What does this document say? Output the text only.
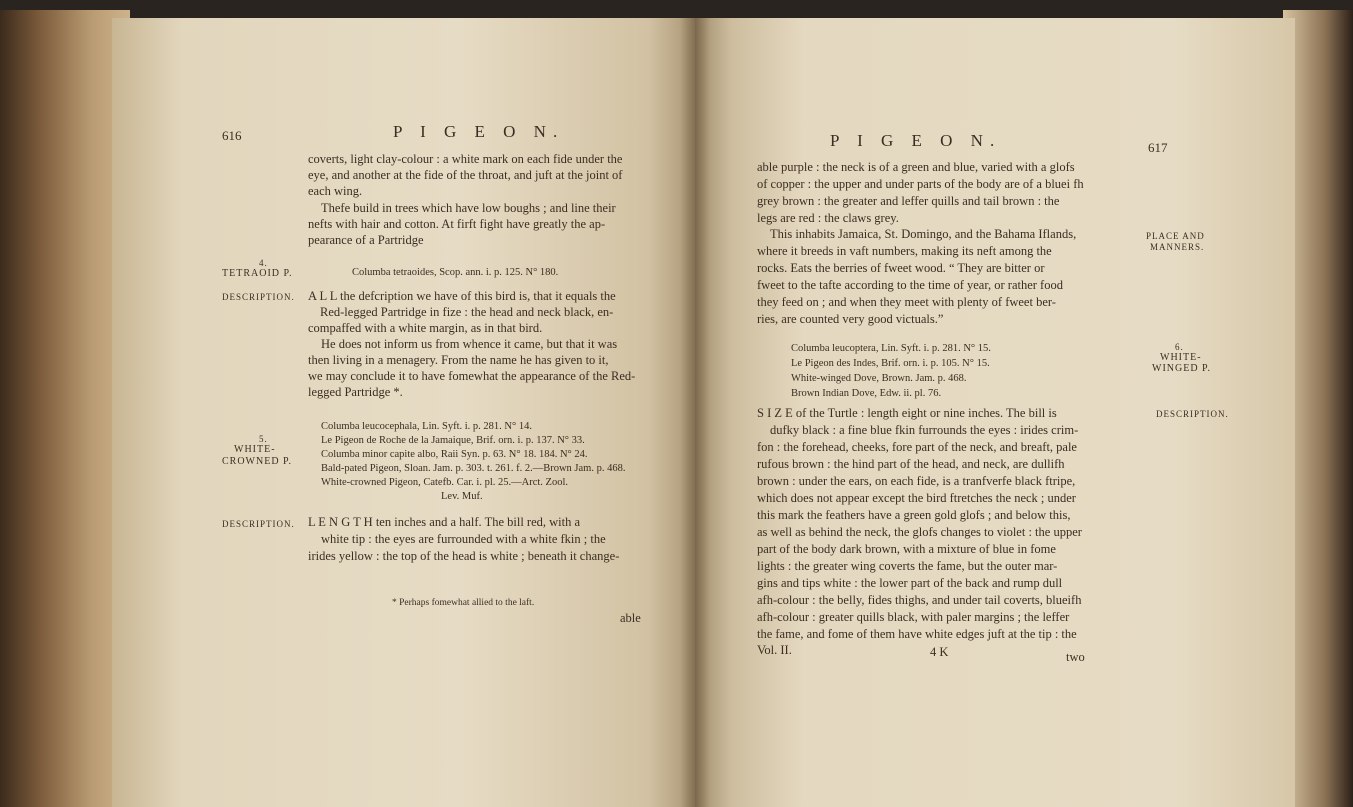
616	P I G E O N.
coverts, light clay-colour : a white mark on each fide under the
eye, and another at the fide of the throat, and juft at the joint of
each wing.
Thefe build in trees which have low boughs ; and line their
nefts with hair and cotton. At firft fight have greatly the ap-
pearance of a Partridge
4.
TETRAOID P.	Columba tetraoides, Scop. ann. i. p. 125. N° 180.
DESCRIPTION. A L L the defcription we have of this bird is, that it equals the
Red-legged Partridge in fize : the head and neck black, en-
compaffed with a white margin, as in that bird.
He does not inform us from whence it came, but that it was
then living in a menagery. From the name he has given to it,
we may conclude it to have fomewhat the appearance of the Red-
legged Partridge *.
5.
WHITE-
CROWNED P.
Columba leucocephala, Lin. Syft. i. p. 281. N° 14.
Le Pigeon de Roche de la Jamaique, Brif. orn. i. p. 137. N° 33.
Columba minor capite albo, Raii Syn. p. 63. N° 18. 184. N° 24.
Bald-pated Pigeon, Sloan. Jam. p. 303. t. 261. f. 2.—Brown Jam. p. 468.
White-crowned Pigeon, Catefb. Car. i. pl. 25.—Arct. Zool.
Lev. Muf.
DESCRIPTION. L E N G T H ten inches and a half. The bill red, with a
white tip : the eyes are furrounded with a white fkin ; the
irides yellow : the top of the head is white ; beneath it change-
* Perhaps fomewhat allied to the laft.
able
P I G E O N.	617
able purple : the neck is of a green and blue, varied with a glofs
of copper : the upper and under parts of the body are of a bluei fh
grey brown : the greater and leffer quills and tail brown : the
legs are red : the claws grey.
This inhabits Jamaica, St. Domingo, and the Bahama Iflands,
where it breeds in vaft numbers, making its neft among the
rocks. Eats the berries of fweet wood. “ They are bitter or
fweet to the tafte according to the time of year, or rather food
they feed on ; and when they meet with plenty of fweet ber-
ries, are counted very good victuals.”
PLACE AND
MANNERS.
Columba leucoptera, Lin. Syft. i. p. 281. N° 15.
Le Pigeon des Indes, Brif. orn. i. p. 105. N° 15.
White-winged Dove, Brown. Jam. p. 468.
Brown Indian Dove, Edw. ii. pl. 76.
6.
WHITE-
WINGED P.
DESCRIPTION.
S I Z E of the Turtle : length eight or nine inches. The bill is
dufky black : a fine blue fkin furrounds the eyes : irides crim-
fon : the forehead, cheeks, fore part of the neck, and breaft, pale
rufous brown : the hind part of the head, and neck, are dullifh
brown : under the ears, on each fide, is a tranfverfe black ftripe,
which does not appear except the bird ftretches the neck ; under
this mark the feathers have a green gold glofs ; and below this,
as well as behind the neck, the glofs changes to violet : the upper
part of the body dark brown, with a mixture of blue in fome
lights : the greater wing coverts the fame, but the outer mar-
gins and tips white : the lower part of the back and rump dull
afh-colour : the belly, fides thighs, and under tail coverts, blueifh
afh-colour : greater quills black, with paler margins ; the leffer
the fame, and fome of them have white edges juft at the tip : the
Vol. II.	4 K	two
